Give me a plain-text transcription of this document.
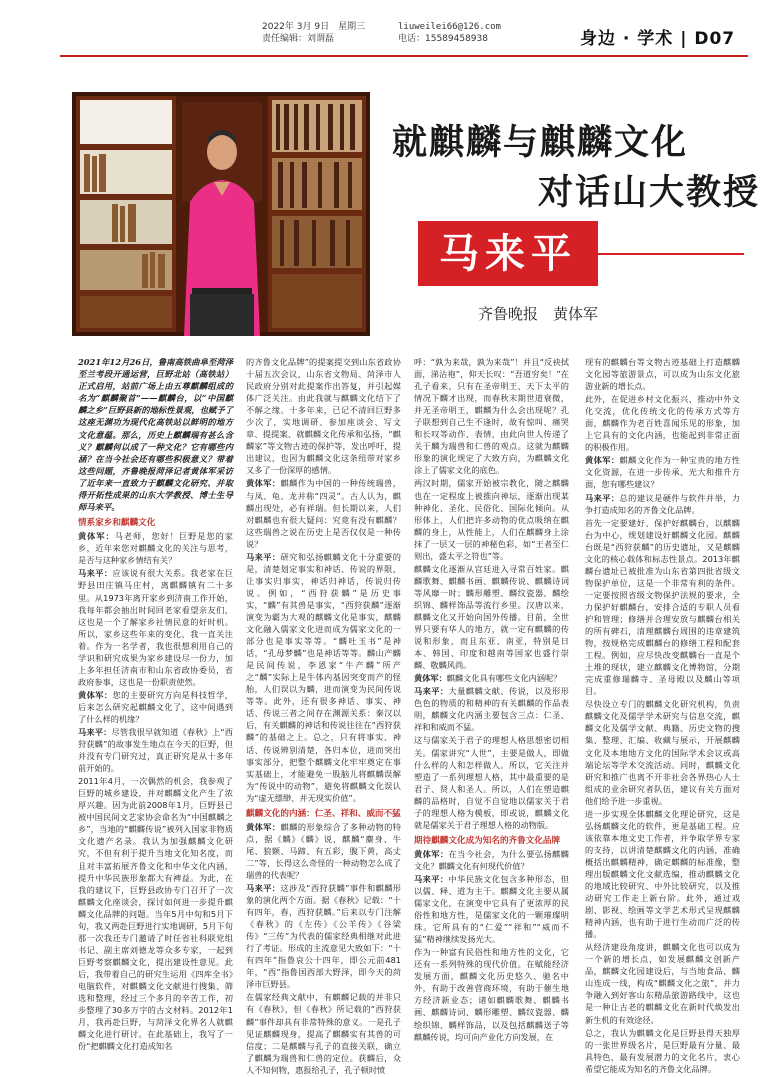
2022年 3月 9日　星期三
责任编辑：刘谓磊
liuweilei66@126.com
电话：15589458938	身边 · 学术 | D07
就麒麟与麒麟文化
对话山大教授
马来平
齐鲁晚报　黄体军

2021年12月26日，鲁南高铁曲阜至菏泽至兰考段开通运营，巨野北站（高铁站）正式启用，站前广场上由五尊麒麟组成的名为“麒麟聚首”——麒麟台，以“中国麒麟之乡”巨野县新的地标性景观，也赋予了这座无渊功为现代化高铁站以鲜明的地方文化意蕴。那么，历史上麒麟瑞有甚么含义？麒麟何以成了一种文化？它有哪些内涵？在当今社会还有哪些积极意义？带着这些问题，齐鲁晚报菏泽记者黄体军采访了近年来一直致力于麒麟文化研究、并取得开拓性成果的山东大学教授、博士生导师马来平。

情系家乡和麒麟文化

黄体军：马老师，您好！巨野是您的家乡，近年来您对麒麟文化的关注与思考，是否与这种家乡情结有关？

马来平：应该说有很大关系。我老家在巨野县田庄镇马庄村，离麒麟镇有二十多里。从1973年离开家乡到济南工作开始，我每年都会抽出时间回老家看望亲友们，这也是一个了解家乡社情民意的好时机。所以，家乡这些年来的变化，我一直关注着。作为一名学者，我也很想利用自己的学识和研究成果为家乡建设尽一份力，加上多年担任济南市和山东省政协委员，省政府参事，这也是一份职责使然。

黄体军：您的主要研究方向是科技哲学，后来怎么研究起麒麟文化了，这中间遇到了什么样的机缘？

马来平：尽管我很早就知道《春秋》上“西狩获麟”的故事发生地点在今天的巨野，但并没有专门研究过，真正研究是从十多年前开始的。

2011年4月，一次偶然的机会，我参观了巨野的城乡建设，并对麒麟文化产生了浓厚兴趣。因为此前2008年1月，巨野县已被中国民间文艺家协会命名为“中国麒麟之乡”，当地的“麒麟传说”被列入国家非物质文化遗产名录。我认为加强麒麟文化研究，不但有利于提升当地文化知名度，而且对丰富拓展齐鲁文化和中华文化内涵，提升中华民族形象都大有裨益。为此，在我的建议下，巨野县政协专门召开了一次麒麟文化座谈会，探讨如何进一步提升麒麟文化品牌的问题。当年5月中旬和5月下旬，我又两赴巨野进行实地调研，5月下旬那一次我还专门邀请了时任省社科联党组书记、副主席刘德龙等众多专家，一起到巨野考察麒麟文化，提出建设性意见。此后，我带着自己的研究生运用《四库全书》电脑软件，对麒麟文化文献进行搜集、筛选和整理，经过三个多月的辛苦工作，初步整理了30多万字的古文材料。2012年1月，我再赴巨野，与菏泽文化界名人就麒麟文化进行研讨。在此基础上，我写了一份“把麒麟文化打造成知名

的齐鲁文化品牌”的提案提交到山东省政协十届五次会议，山东省文物局、菏泽市人民政府分别对此提案作出答复，并引起媒体广泛关注。由此我就与麒麟文化结下了不解之缘。十多年来，已记不清回巨野多少次了，实地调研、参加座谈会、写文章、提提案、就麒麟文化传承和弘扬，“麒麟家”等文物古迹的保护等，发出呼吁，提出建议，也因为麒麟文化这条纽带对家乡又多了一份深厚的感情。

黄体军：麒麟作为中国的一种传统瑞兽，与凤、龟、龙并称“四灵”。古人认为，麒麟出现处，必有祥瑞。但长期以来，人们对麒麟也有很大疑问：究竟有没有麒麟？这些瑞兽之说在历史上是否仅仅是一种传说？

马来平：研究和弘扬麒麟文化十分重要的是，清楚划定事实和神话、传说的界限，让事实归事实，神话归神话，传说归传说。例如，“西狩获麟”是历史事实，“麟”有其兽是事实，“西狩获麟”逐渐演变为霸为大观的麒麟文化是事实，麒麟文化融入儒家文化进而成为儒家文化的一部分也是事实等等。“麟吐玉书”是神话，“孔母梦麟”也是神话等等。麟山产麟是民间传说，李恩家“牛产麟”所产之“麟”实际上是牛体内基因突变而产的怪胎，人们误以为麟，进而演变为民间传说等等。此外，还有很多神话、事实、神话、传说三者之间存在渊源关系：秦汉以后，有关麒麟的神话和传说往往在“西狩获麟”的基础之上。总之，只有将事实、神话、传说辨别清楚，各归本位，进而突出事实部分，把整个麒麟文化牢牢奠定在事实基础上，才能避免一股脑儿将麒麟误解为“传说中的动物”，避免将麒麟文化误认为“虚无缥缈、并无现实价值”。

麒麟文化的内涵：仁圣、祥和、威而不猛

黄体军：麒麟的形象综合了多种动物的特点，据《麟》《麟》说，麒麟“麋身、牛尾、狼额、马蹄、有五彩，腹下黄，高丈二”等，长得这么奇怪的一种动物怎么成了瑞兽的代表呢？

马来平：这涉及“西狩获麟”事件和麒麟形象的演化两个方面。据《春秋》记载：“十有四年，春，西狩获麟。”后来以专门注解《春秋》的《左传》《公羊传》《谷梁传》“三传”为代表的儒家经典相继对此进行了考证。形成的主流意见大致如下：“十有四年”指鲁哀公十四年，即公元前481年，“西”指鲁国西部大野泽，即今天的菏泽市巨野县。

在儒家经典文献中，有麒麟记载的并非只有《春秋》，但《春秋》所记载的“西狩获麟”事件却具有非常特殊的意义。一是孔子见证麒麟现身，提高了麒麟实有其兽的可信度；二是麒麟与孔子的直接关联，确立了麒麟为瑞兽和仁兽的定位。获麟后，众人不知何物，惠报给孔子，孔子顿时愤

呼：“孰为来哉，孰为来哉”！并且“反袂拭面，涕沾袍”，仰天长叹：“吾道穷矣！”在孔子看来，只有在圣帝明王、天下太平的情况下麟才出现，而春秋末期世道衰微，并无圣帝明王，麒麟为什么会出现呢？孔子联想到自己生不逢时，故有惊叫、痛哭和长叹等动作、表情，由此向世人传递了关于麟为瑞兽和仁兽的观点。这就为麒麟形象的演化规定了大致方向，为麒麟文化涂上了儒家文化的底色。

两汉时期，儒家开始被宗教化，随之麒麟也在一定程度上被推向神坛，逐渐出现某种神化、圣化、民俗化、国际化倾向。从形体上，人们把许多动物的优点吸纳在麒麟的身上，从性能上，人们在麒麟身上涂抹了一层又一层的神秘色彩，如“王者至仁则出，盛太平之符也”等。

麒麟文化逐渐从宫廷进入寻常百姓家。麒麟歌舞、麒麟书画、麒麟传说、麒麟诗词等风靡一时；麟形雕塑、麟纹瓷器、麟绘织锦、麟样饰品等流行乡里。汉唐以来，麒麟文化又开始向国外传播。目前，全世界只要有华人的地方，就一定有麒麟的传说和形象，而且东亚、南亚，特别是日本、韩国、印度和越南等国家也盛行崇麟、敬麟风尚。

黄体军：麒麟文化具有哪些文化内涵呢？

马来平：大量麒麟文献、传说，以及形形色色的物质的和精神的有关麒麟的作品表明，麒麟文化内涵主要包含三点：仁圣、祥和和威而不猛。

这与儒家关于君子的理想人格思想密切相关。儒家讲究“人世”，主要是做人，即做什么样的人和怎样做人。所以，它关注并塑造了一系列理想人格，其中最重要的是君子、贤人和圣人。所以，人们在塑造麒麟的品格时，自觉不自觉地以儒家关于君子的理想人格为模板，即或说，麒麟文化就是儒家关于君子理想人格的动物版。

期待麒麟文化成为知名的齐鲁文化品牌

黄体军：在当今社会，为什么要弘扬麒麟文化？麒麟文化有何现代价值？

马来平：中华民族文化包含多种形态，但以儒、释、道为主干。麒麟文化主要从属儒家文化，在演变中它具有了更浓厚的民俗性和地方性，是儒家文化的一颗璀璨明珠。它所具有的“仁爱”“祥和”“威而不猛”精神继续发扬光大。

作为一种富有民俗性和地方性的文化，它还有一系列特殊的现代价值。在赋能经济发展方面，麒麟文化历史悠久、驰名中外，有助于改善营商环境，有助于催生地方经济新业态；诸如麒麟歌舞、麒麟书画、麒麟诗词、麟形雕塑、麟纹瓷器、麟绘织锦、麟样饰品，以及包括麒麟送子等麒麟传说，均可向产业化方向发展，在

现有的麒麟台等文物古迹基础上打造麒麟文化园等旅游景点，可以成为山东文化旅游业新的增长点。

此外，在促进乡村文化振兴、推动中外文化交流，优化传统文化的传承方式等方面，麒麟作为老百姓喜闻乐见的形象，加上它具有的文化内涵，也能起到非常正面的积极作用。

黄体军：麒麟文化作为一种宝贵的地方性文化资源，在进一步传承、光大和推升方面，您有哪些建议？

马来平：总的建议是硬件与软件并举，力争打造成知名的齐鲁文化品牌。

首先一定要建好、保护好麒麟台，以麒麟台为中心，规划建设好麒麟文化园。麒麟台既是“西狩获麟”的历史遗址，又是麒麟文化的核心载体和标志性景点。2013年麒麟台遗址已被批准为山东省第四批省级文物保护单位，这是一个非常有利的条件。一定要按照省级文物保护法规的要求，全力保护好麒麟台，安排合适的专职人员看护和管理；修缮并合理安放与麒麟台相关的所有碑石，清理麒麟台周围的违章建筑物，按规格完成麒麟台的修缮工程和配套工程。例如，应尽快改变麒麟台一直是个土堆的现状，建立麒麟文化博物馆，分期完成重修瑞麟寺、圣母殿以及麟山等项目。

尽快设立专门的麒麟文化研究机构，负责麒麟文化及儒学学术研究与信息交流，麒麟文化及儒学文献、典籍、历史文物的搜集、整理、汇编、收藏与展示，开展麒麟文化及本地地方文化的国际学术会议或高端论坛等学术交流活动。同时，麒麟文化研究和推广也离不开非社会各界热心人士组成的业余研究者队伍，建议有关方面对他们给予进一步重视。

进一步实现全体麒麟文化理论研究，这是弘扬麒麟文化的软件，更是基础工程。应该依靠本地文史工作者，并争取学界专家的支持，以讲清楚麒麟文化的内涵，准确概括出麒麟精神，确定麒麟的标准像，整理出版麒麟文化文献选编，推动麒麟文化的地域比较研究、中外比较研究，以及推动研究工作走上新台阶。此外，通过戏剧、影视、绘画等文学艺术形式呈现麒麟精神内涵，也有助于进行生动而广泛的传播。

从经济建设角度讲，麒麟文化也可以成为一个新的增长点，如发展麒麟文创新产品，麒麟文化园建设后，与当地食品、麟山连成一线，构成“麒麟文化之旅”，并力争融入到好客山东精品旅游路线中，这也是一种让古老的麒麟文化在新时代焕发出新生机的有效途径。

总之，我认为麒麟文化是巨野县得天独厚的一张世界级名片，是巨野最有分量、最具特色，最有发展潜力的文化名片，衷心希望它能成为知名的齐鲁文化品牌。
